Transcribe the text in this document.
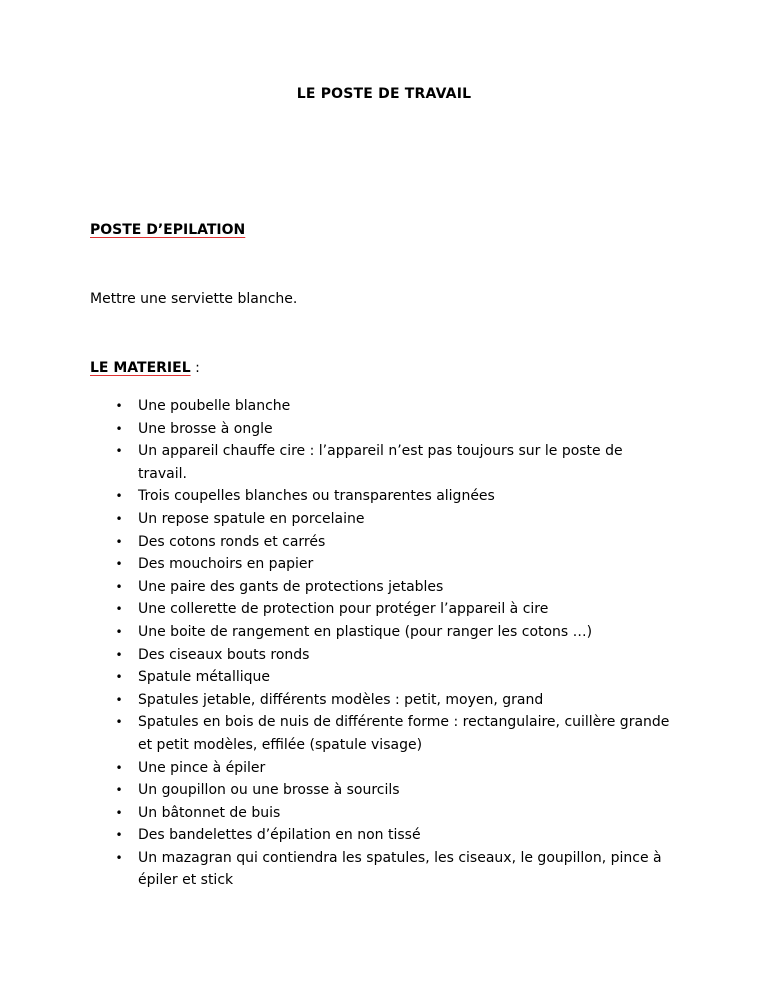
LE POSTE DE TRAVAIL
POSTE D’EPILATION
Mettre une serviette blanche.
LE MATERIEL :
• Une poubelle blanche
• Une brosse à ongle
• Un appareil chauffe cire : l’appareil n’est pas toujours sur le poste de travail.
• Trois coupelles blanches ou transparentes alignées
• Un repose spatule en porcelaine
• Des cotons ronds et carrés
• Des mouchoirs en papier
• Une paire des gants de protections jetables
• Une collerette de protection pour protéger l’appareil à cire
• Une boite de rangement en plastique (pour ranger les cotons …)
• Des ciseaux bouts ronds
• Spatule métallique
• Spatules jetable, différents modèles : petit, moyen, grand
• Spatules en bois de nuis de différente forme : rectangulaire, cuillère grande et petit modèles, effilée (spatule visage)
• Une pince à épiler
• Un goupillon ou une brosse à sourcils
• Un bâtonnet de buis
• Des bandelettes d’épilation en non tissé
• Un mazagran qui contiendra les spatules, les ciseaux, le goupillon, pince à épiler et stick
